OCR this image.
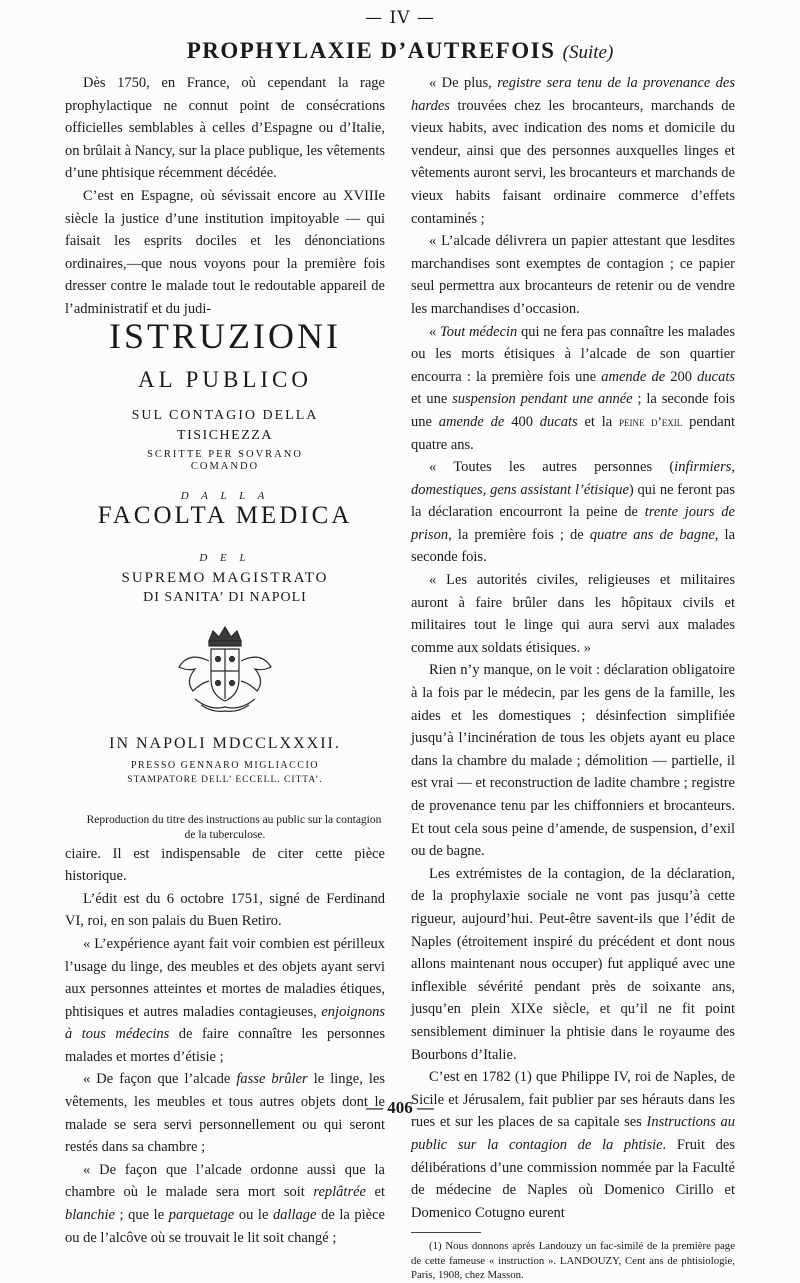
— IV —
PROPHYLAXIE D’AUTREFOIS (Suite)

Dès 1750, en France, où cependant la rage prophylactique ne connut point de consécrations officielles semblables à celles d’Espagne ou d’Italie, on brûlait à Nancy, sur la place publique, les vêtements d’une phtisique récemment décédée.

C’est en Espagne, où sévissait encore au XVIIIe siècle la justice d’une institution impitoyable — qui faisait les esprits dociles et les dénonciations ordinaires,—que nous voyons pour la première fois dresser contre le malade tout le redoutable appareil de l’administratif et du judi-

ISTRUZIONI
AL PUBLICO
SUL CONTAGIO DELLA
TISICHEZZA
SCRITTE PER SOVRANO COMANDO
D A L L A
FACOLTA MEDICA
D E L
SUPREMO MAGISTRATO
DI SANITA’ DI NAPOLI
IN NAPOLI MDCCLXXXII.
PRESSO GENNARO MIGLIACCIO
STAMPATORE DELL’ ECCELL. CITTA’.

Reproduction du titre des instructions au public sur la contagion de la tuberculose.

ciaire. Il est indispensable de citer cette pièce historique.

L’édit est du 6 octobre 1751, signé de Ferdinand VI, roi, en son palais du Buen Retiro.

« L’expérience ayant fait voir combien est périlleux l’usage du linge, des meubles et des objets ayant servi aux personnes atteintes et mortes de maladies étiques, phtisiques et autres maladies contagieuses, enjoignons à tous médecins de faire connaître les personnes malades et mortes d’étisie ;

« De façon que l’alcade fasse brûler le linge, les vêtements, les meubles et tous autres objets dont le malade se sera servi personnellement ou qui seront restés dans sa chambre ;

« De façon que l’alcade ordonne aussi que la chambre où le malade sera mort soit replâtrée et blanchie ; que le parquetage ou le dallage de la pièce ou de l’alcôve où se trouvait le lit soit changé ;

« De plus, registre sera tenu de la provenance des hardes trouvées chez les brocanteurs, marchands de vieux habits, avec indication des noms et domicile du vendeur, ainsi que des personnes auxquelles linges et vêtements auront servi, les brocanteurs et marchands de vieux habits faisant ordinaire commerce d’effets contaminés ;

« L’alcade délivrera un papier attestant que lesdites marchandises sont exemptes de contagion ; ce papier seul permettra aux brocanteurs de retenir ou de vendre les marchandises d’occasion.

« Tout médecin qui ne fera pas connaître les malades ou les morts étisiques à l’alcade de son quartier encourra : la première fois une amende de 200 ducats et une suspension pendant une année ; la seconde fois une amende de 400 ducats et la peine d’exil pendant quatre ans.

« Toutes les autres personnes (infirmiers, domestiques, gens assistant l’étisique) qui ne feront pas la déclaration encourront la peine de trente jours de prison, la première fois ; de quatre ans de bagne, la seconde fois.

« Les autorités civiles, religieuses et militaires auront à faire brûler dans les hôpitaux civils et militaires tout le linge qui aura servi aux malades comme aux soldats étisiques. »

Rien n’y manque, on le voit : déclaration obligatoire à la fois par le médecin, par les gens de la famille, les aides et les domestiques ; désinfection simplifiée jusqu’à l’incinération de tous les objets ayant eu place dans la chambre du malade ; démolition — partielle, il est vrai — et reconstruction de ladite chambre ; registre de provenance tenu par les chiffonniers et brocanteurs. Et tout cela sous peine d’amende, de suspension, d’exil ou de bagne.

Les extrémistes de la contagion, de la déclaration, de la prophylaxie sociale ne vont pas jusqu’à cette rigueur, aujourd’hui. Peut-être savent-ils que l’édit de Naples (étroitement inspiré du précédent et dont nous allons maintenant nous occuper) fut appliqué avec une inflexible sévérité pendant près de soixante ans, jusqu’en plein XIXe siècle, et qu’il ne fit point sensiblement diminuer la phtisie dans le royaume des Bourbons d’Italie.

C’est en 1782 (1) que Philippe IV, roi de Naples, de Sicile et Jérusalem, fait publier par ses hérauts dans les rues et sur les places de sa capitale ses Instructions au public sur la contagion de la phtisie. Fruit des délibérations d’une commission nommée par la Faculté de médecine de Naples où Domenico Cirillo et Domenico Cotugno eurent

(1) Nous donnons après Landouzy un fac-similé de la première page de cette fameuse « instruction ». LANDOUZY, Cent ans de phtisiologie, Paris, 1908, chez Masson.

— 406 —
